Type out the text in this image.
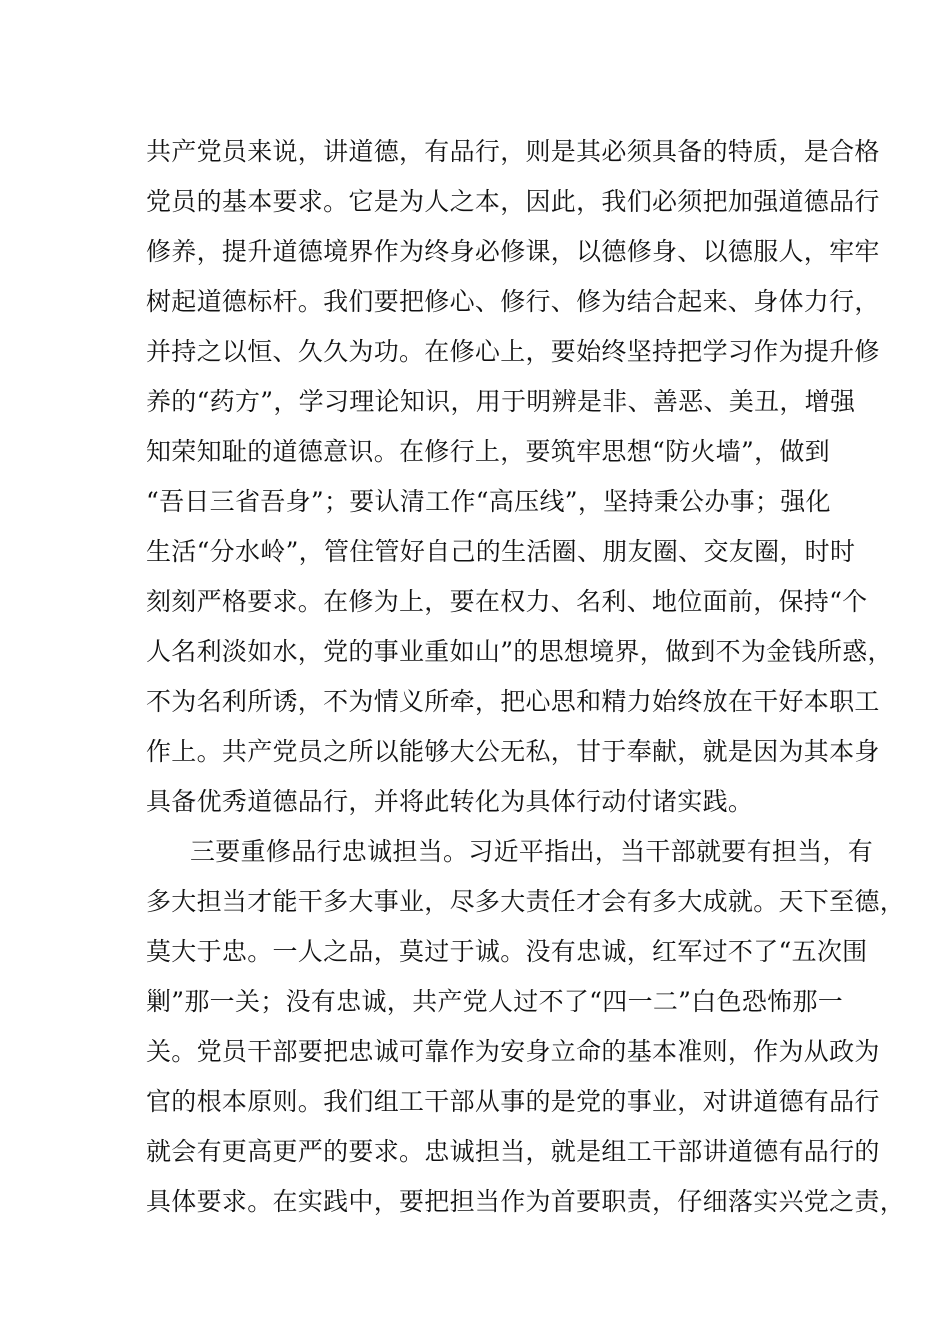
共产党员来说，讲道德，有品行，则是其必须具备的特质，是合格
党员的基本要求。它是为人之本，因此，我们必须把加强道德品行
修养，提升道德境界作为终身必修课，以德修身、以德服人，牢牢
树起道德标杆。我们要把修心、修行、修为结合起来、身体力行，
并持之以恒、久久为功。在修心上，要始终坚持把学习作为提升修
养的“药方”，学习理论知识，用于明辨是非、善恶、美丑，增强
知荣知耻的道德意识。在修行上，要筑牢思想“防火墙”，做到
“吾日三省吾身”；要认清工作“高压线”，坚持秉公办事；强化
生活“分水岭”，管住管好自己的生活圈、朋友圈、交友圈，时时
刻刻严格要求。在修为上，要在权力、名利、地位面前，保持“个
人名利淡如水，党的事业重如山”的思想境界，做到不为金钱所惑，
不为名利所诱，不为情义所牵，把心思和精力始终放在干好本职工
作上。共产党员之所以能够大公无私，甘于奉献，就是因为其本身
具备优秀道德品行，并将此转化为具体行动付诸实践。
三要重修品行忠诚担当。习近平指出，当干部就要有担当，有
多大担当才能干多大事业，尽多大责任才会有多大成就。天下至德，
莫大于忠。一人之品，莫过于诚。没有忠诚，红军过不了“五次围
剿”那一关；没有忠诚，共产党人过不了“四一二”白色恐怖那一
关。党员干部要把忠诚可靠作为安身立命的基本准则，作为从政为
官的根本原则。我们组工干部从事的是党的事业，对讲道德有品行
就会有更高更严的要求。忠诚担当，就是组工干部讲道德有品行的
具体要求。在实践中，要把担当作为首要职责，仔细落实兴党之责，
